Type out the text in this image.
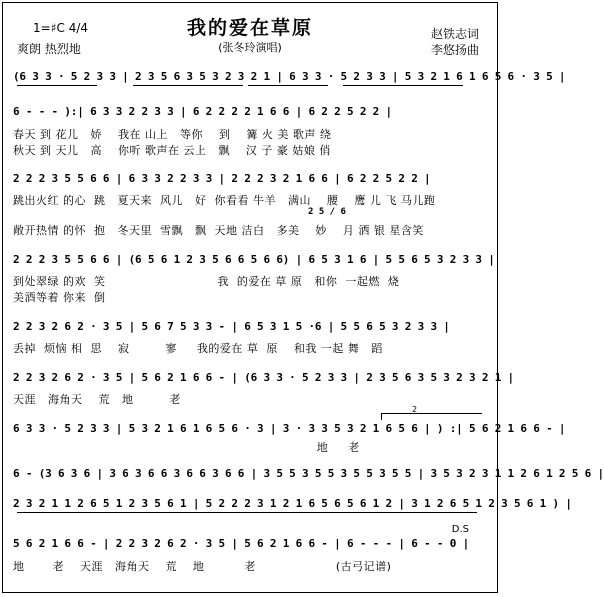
我的爱在草原
(张冬玲演唱)
1=♯C 4/4
爽朗 热烈地
赵铁志词
李悠扬曲
(6 3 3 · 5 2 3 3 | 2 3 5 6 3 5 3 2 3 2 1 | 6 3 3 · 5 2 3 3 | 5 3 2 1 6 1 6 5 6 · 3 5 |
6 - - - ):| 6 3 3 2 2 3 3 | 6 2 2 2 2 1 6 6 | 6 2 2 5 2 2 |
春天 到 花儿   娇    我在 山上   等你    到    篝 火 美 歌声 绕
秋天 到 天儿   高    你听 歌声在 云上   飘    汉 子 豪 姑娘 俏
2 2 2 3 5 5 6 6 | 6 3 3 2 2 3 3 | 2 2 2 3 2 1 6 6 | 6 2 2 5 2 2 |
跳出火红 的心  跳   夏天来  风儿   好  你看看 牛羊   满山    腰    鹰 儿 飞 马儿跑
2 5 / 6
敞开热情 的怀  抱   冬天里  雪飘   飘  天地 洁白   多美    妙    月 洒 银 星含笑
2 2 2 3 5 5 6 6 | (6 5 6 1 2 3 5 6 6 5 6 6) | 6 5 3 1 6 | 5 5 6 5 3 2 3 3 |
到处翠绿 的欢  笑                            我  的爱在 草 原   和你  一起燃  烧
美酒等着 你来  倒
2 2 3 2 6 2 · 3 5 | 5 6 7 5 3 3 - | 6 5 3 1 5 ·6 | 5 5 6 5 3 2 3 3 |
丢掉  烦恼 相  思    寂         寥     我的爱在 草  原    和我 一起 舞   蹈
2 2 3 2 6 2 · 3 5 | 5 6 2 1 6 6 - | (6 3 3 · 5 2 3 3 | 2 3 5 6 3 5 3 2 3 2 1 |
天涯   海角天    荒   地         老
6 3 3 · 5 2 3 3 | 5 3 2 1 6 1 6 5 6 · 3 | 3 · 3 3 5 3 2 1 6 5 6 | ) :| 5 6 2 1 6 6 - |
地     老
6 - (3 6 3 6 | 3 6 3 6 6 3 6 6 3 6 6 | 3 5 5 3 5 5 3 5 5 3 5 5 | 3 5 3 2 3 1 1 2 6 1 2 5 6 |
2 3 2 1 1 2 6 5 1 2 3 5 6 1 | 5 2 2 2 3 1 2 1 6 5 6 5 6 1 2 | 3 1 2 6 5 1 2 3 5 6 1 ) |
5 6 2 1 6 6 - | 2 2 3 2 6 2 · 3 5 | 5 6 2 1 6 6 - | 6 - - - | 6 - - 0 |
地       老    天涯   海角天    荒    地          老                    (古弓记谱)
2
D.S
